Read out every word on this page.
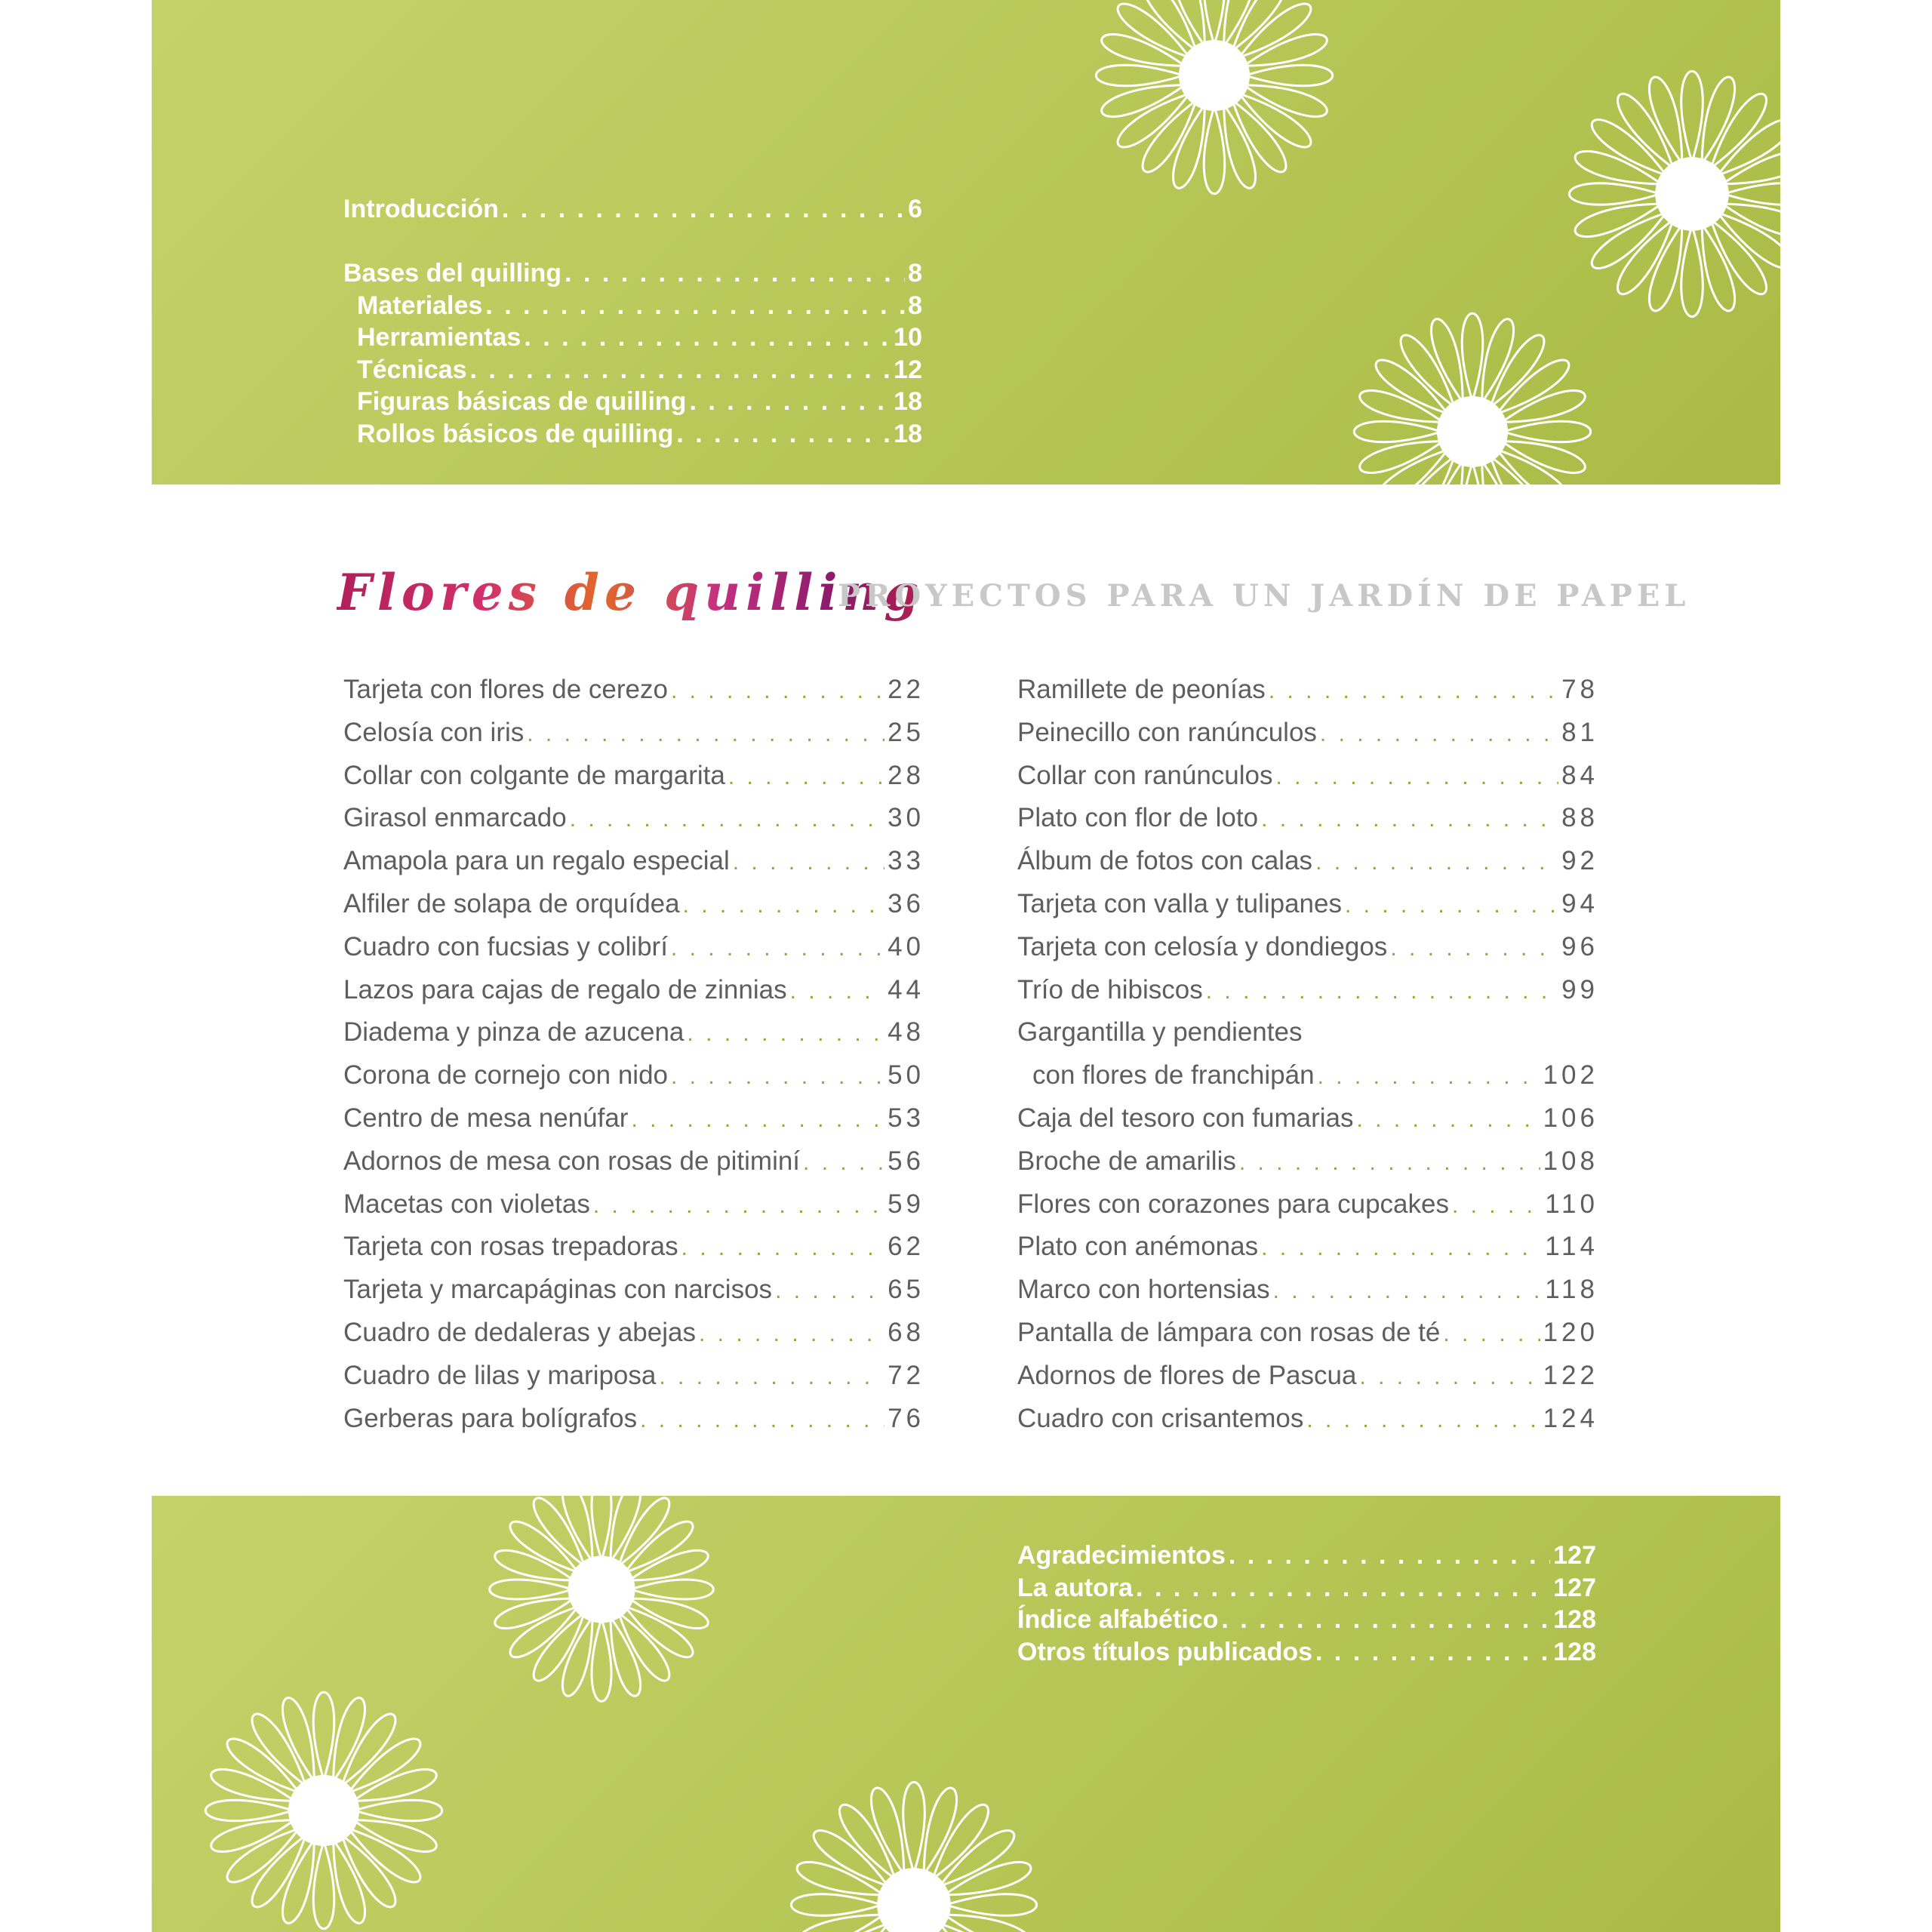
Introducción . . .	6
Bases del quilling . . .	8
Materiales . . .	8
Herramientas . . .	10
Técnicas . . .	12
Figuras básicas de quilling . . .	18
Rollos básicos de quilling . . .	18
Flores de quilling
PROYECTOS PARA UN JARDÍN DE PAPEL
Tarjeta con flores de cerezo . . .	22
Celosía con iris . . .	25
Collar con colgante de margarita . . .	28
Girasol enmarcado . . .	30
Amapola para un regalo especial . . .	33
Alfiler de solapa de orquídea . . .	36
Cuadro con fucsias y colibrí . . .	40
Lazos para cajas de regalo de zinnias . . .	44
Diadema y pinza de azucena . . .	48
Corona de cornejo con nido . . .	50
Centro de mesa nenúfar . . .	53
Adornos de mesa con rosas de pitiminí . . .	56
Macetas con violetas . . .	59
Tarjeta con rosas trepadoras . . .	62
Tarjeta y marcapáginas con narcisos . . .	65
Cuadro de dedaleras y abejas . . .	68
Cuadro de lilas y mariposa . . .	72
Gerberas para bolígrafos . . .	76
Ramillete de peonías . . .	78
Peinecillo con ranúnculos . . .	81
Collar con ranúnculos . . .	84
Plato con flor de loto . . .	88
Álbum de fotos con calas . . .	92
Tarjeta con valla y tulipanes . . .	94
Tarjeta con celosía y dondiegos . . .	96
Trío de hibiscos . . .	99
Gargantilla y pendientes
con flores de franchipán . . .	102
Caja del tesoro con fumarias . . .	106
Broche de amarilis . . .	108
Flores con corazones para cupcakes . . .	110
Plato con anémonas . . .	114
Marco con hortensias . . .	118
Pantalla de lámpara con rosas de té . . .	120
Adornos de flores de Pascua . . .	122
Cuadro con crisantemos . . .	124
Agradecimientos . . .	127
La autora . . .	127
Índice alfabético . . .	128
Otros títulos publicados . . .	128
